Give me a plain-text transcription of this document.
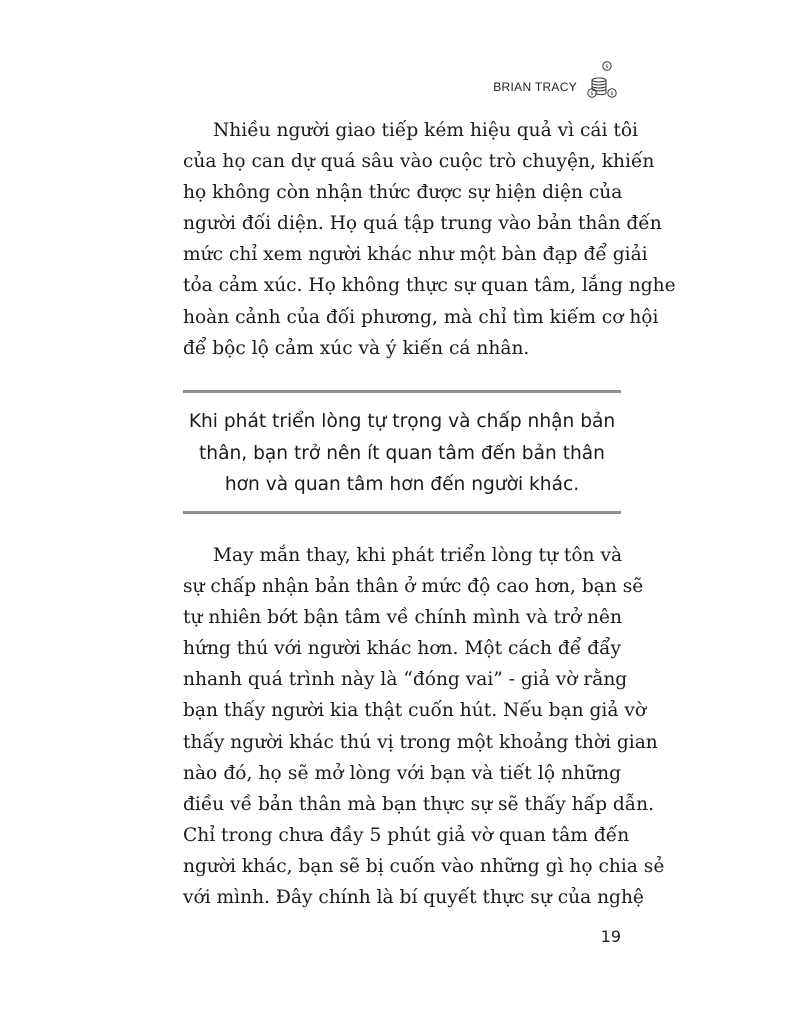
BRIAN TRACY
$
$	$
Nhiều người giao tiếp kém hiệu quả vì cái tôi
của họ can dự quá sâu vào cuộc trò chuyện, khiến
họ không còn nhận thức được sự hiện diện của
người đối diện. Họ quá tập trung vào bản thân đến
mức chỉ xem người khác như một bàn đạp để giải
tỏa cảm xúc. Họ không thực sự quan tâm, lắng nghe
hoàn cảnh của đối phương, mà chỉ tìm kiếm cơ hội
để bộc lộ cảm xúc và ý kiến cá nhân.
Khi phát triển lòng tự trọng và chấp nhận bản
thân, bạn trở nên ít quan tâm đến bản thân
hơn và quan tâm hơn đến người khác.
May mắn thay, khi phát triển lòng tự tôn và
sự chấp nhận bản thân ở mức độ cao hơn, bạn sẽ
tự nhiên bớt bận tâm về chính mình và trở nên
hứng thú với người khác hơn. Một cách để đẩy
nhanh quá trình này là “đóng vai” - giả vờ rằng
bạn thấy người kia thật cuốn hút. Nếu bạn giả vờ
thấy người khác thú vị trong một khoảng thời gian
nào đó, họ sẽ mở lòng với bạn và tiết lộ những
điều về bản thân mà bạn thực sự sẽ thấy hấp dẫn.
Chỉ trong chưa đầy 5 phút giả vờ quan tâm đến
người khác, bạn sẽ bị cuốn vào những gì họ chia sẻ
với mình. Đây chính là bí quyết thực sự của nghệ
19
